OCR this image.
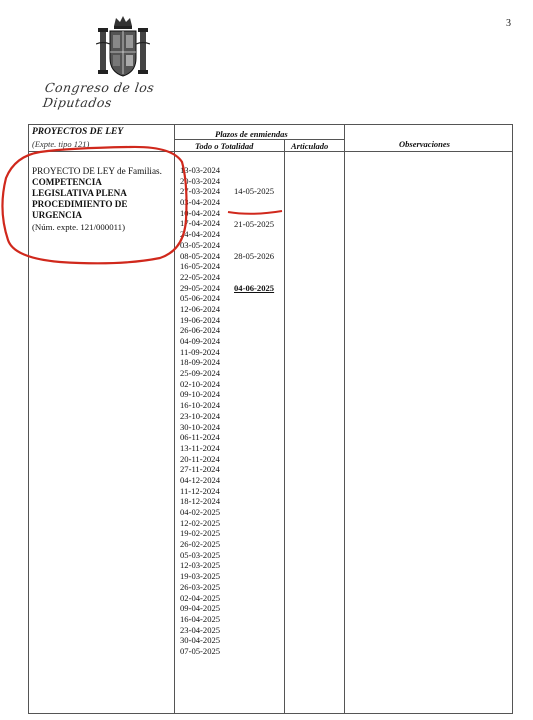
3
Congreso de los Diputados
PROYECTOS DE LEY
(Expte. tipo 121)
Plazos de enmiendas
Todo o Totalidad	Articulado	Observaciones
PROYECTO DE LEY de Familias.
COMPETENCIA
LEGISLATIVA PLENA
PROCEDIMIENTO DE
URGENCIA
(Núm. expte. 121/000011)
13-03-2024
20-03-2024
27-03-2024
03-04-2024
10-04-2024
17-04-2024
24-04-2024
03-05-2024
08-05-2024
16-05-2024
22-05-2024
29-05-2024
05-06-2024
12-06-2024
19-06-2024
26-06-2024
04-09-2024
11-09-2024
18-09-2024
25-09-2024
02-10-2024
09-10-2024
16-10-2024
23-10-2024
30-10-2024
06-11-2024
13-11-2024
20-11-2024
27-11-2024
04-12-2024
11-12-2024
18-12-2024
04-02-2025
12-02-2025
19-02-2025
26-02-2025
05-03-2025
12-03-2025
19-03-2025
26-03-2025
02-04-2025
09-04-2025
16-04-2025
23-04-2025
30-04-2025
07-05-2025

14-05-2025

21-05-2025

28-05-2026

04-06-2025
